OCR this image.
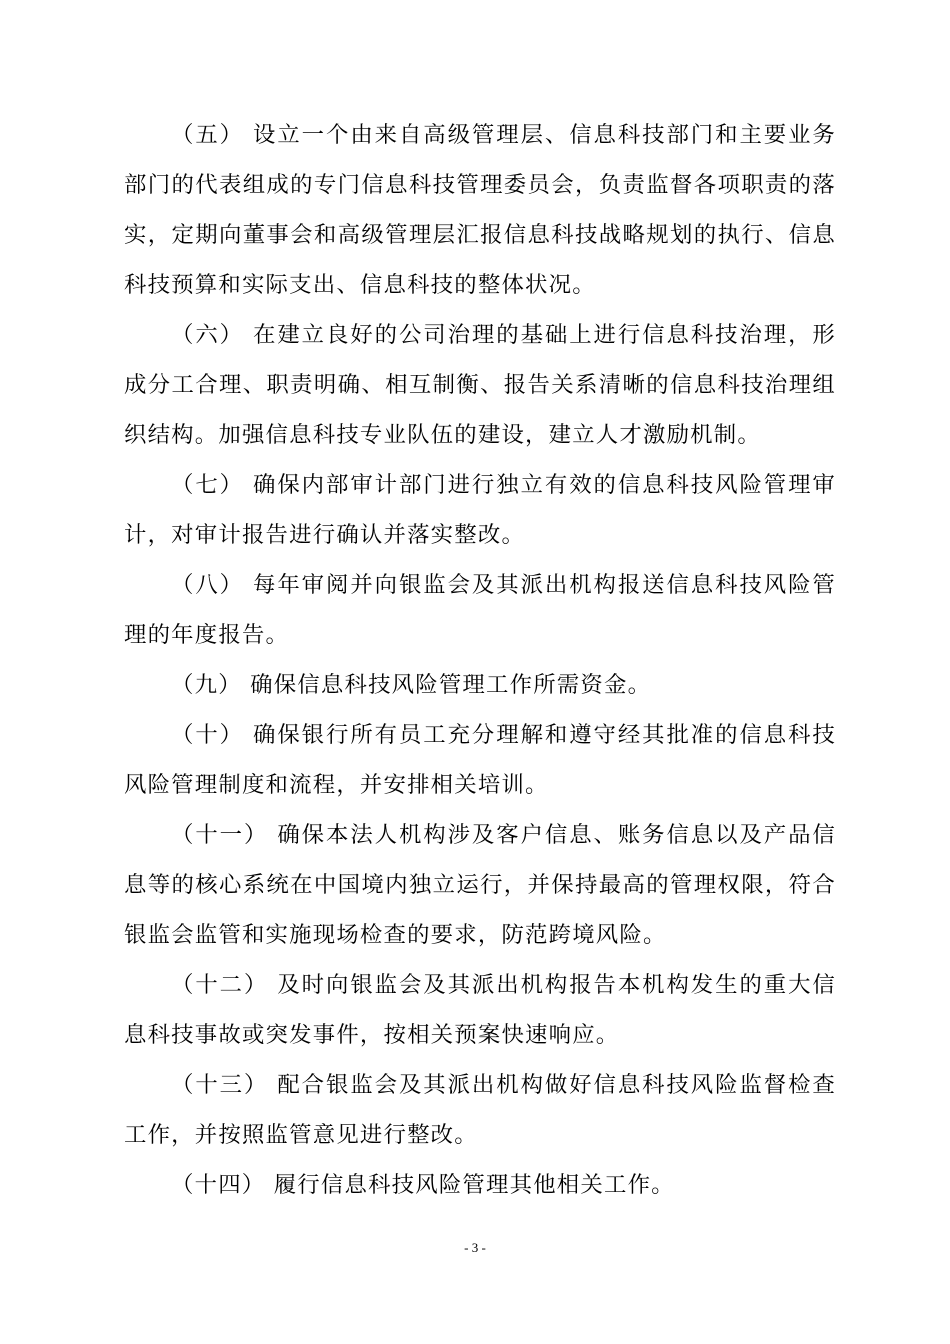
（五） 设立一个由来自高级管理层、信息科技部门和主要业务部门的代表组成的专门信息科技管理委员会，负责监督各项职责的落实，定期向董事会和高级管理层汇报信息科技战略规划的执行、信息科技预算和实际支出、信息科技的整体状况。

（六） 在建立良好的公司治理的基础上进行信息科技治理，形成分工合理、职责明确、相互制衡、报告关系清晰的信息科技治理组织结构。加强信息科技专业队伍的建设，建立人才激励机制。

（七） 确保内部审计部门进行独立有效的信息科技风险管理审计，对审计报告进行确认并落实整改。

（八） 每年审阅并向银监会及其派出机构报送信息科技风险管理的年度报告。

（九） 确保信息科技风险管理工作所需资金。

（十） 确保银行所有员工充分理解和遵守经其批准的信息科技风险管理制度和流程，并安排相关培训。

（十一） 确保本法人机构涉及客户信息、账务信息以及产品信息等的核心系统在中国境内独立运行，并保持最高的管理权限，符合银监会监管和实施现场检查的要求，防范跨境风险。

（十二） 及时向银监会及其派出机构报告本机构发生的重大信息科技事故或突发事件，按相关预案快速响应。

（十三） 配合银监会及其派出机构做好信息科技风险监督检查工作，并按照监管意见进行整改。

（十四） 履行信息科技风险管理其他相关工作。

- 3 -
